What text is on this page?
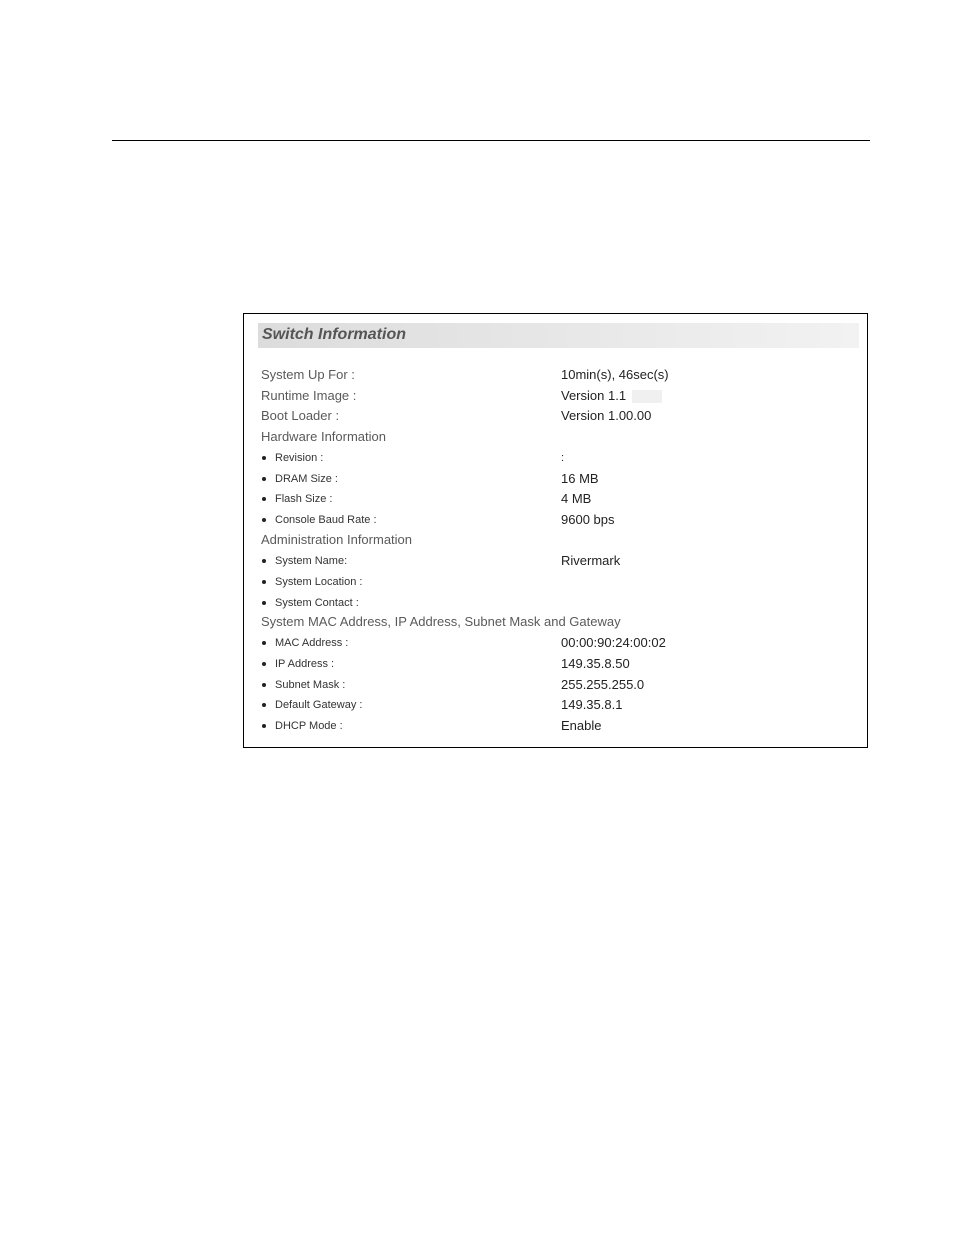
Switch Information
System Up For :	10min(s), 46sec(s)
Runtime Image :	Version 1.1
Boot Loader :	Version 1.00.00
Hardware Information
Revision :	:
DRAM Size :	16 MB
Flash Size :	4 MB
Console Baud Rate :	9600 bps
Administration Information
System Name:	Rivermark
System Location :
System Contact :
System MAC Address, IP Address, Subnet Mask and Gateway
MAC Address :	00:00:90:24:00:02
IP Address :	149.35.8.50
Subnet Mask :	255.255.255.0
Default Gateway :	149.35.8.1
DHCP Mode :	Enable
